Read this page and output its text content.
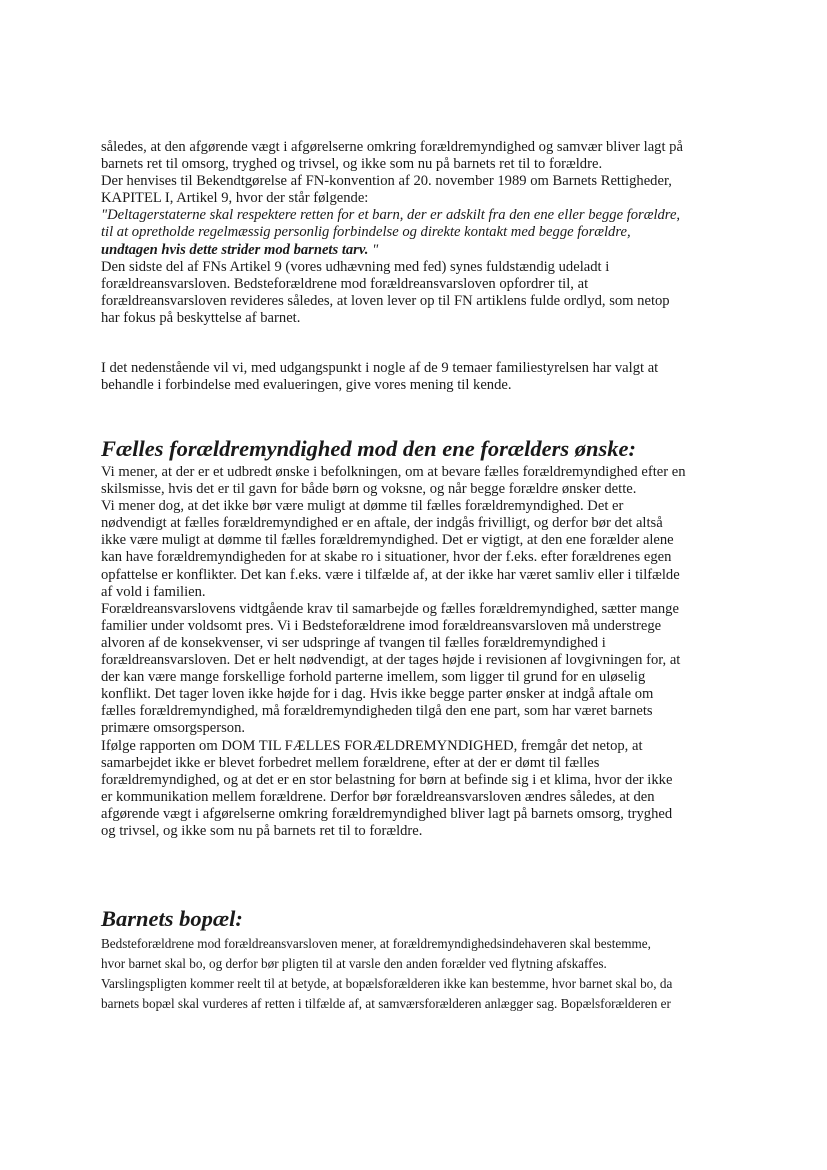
således, at den afgørende vægt i afgørelserne omkring forældremyndighed og samvær bliver lagt på
barnets ret til omsorg, tryghed og trivsel, og ikke som nu på barnets ret til to forældre.
Der henvises til Bekendtgørelse af FN-konvention af 20. november 1989 om Barnets Rettigheder,
KAPITEL I, Artikel 9, hvor der står følgende:
"Deltagerstaterne skal respektere retten for et barn, der er adskilt fra den ene eller begge forældre,
til at opretholde regelmæssig personlig forbindelse og direkte kontakt med begge forældre,
undtagen hvis dette strider mod barnets tarv. "
Den sidste del af FNs Artikel 9 (vores udhævning med fed) synes fuldstændig udeladt i
forældreansvarsloven. Bedsteforældrene mod forældreansvarsloven opfordrer til, at
forældreansvarsloven revideres således, at loven lever op til FN artiklens fulde ordlyd, som netop
har fokus på beskyttelse af barnet.
I det nedenstående vil vi, med udgangspunkt i nogle af de 9 temaer familiestyrelsen har valgt at
behandle i forbindelse med evalueringen, give vores mening til kende.
Fælles forældremyndighed mod den ene forælders ønske:
Vi mener, at der er et udbredt ønske i befolkningen, om at bevare fælles forældremyndighed efter en
skilsmisse, hvis det er til gavn for både børn og voksne, og når begge forældre ønsker dette.
Vi mener dog, at det ikke bør være muligt at dømme til fælles forældremyndighed. Det er
nødvendigt at fælles forældremyndighed er en aftale, der indgås frivilligt, og derfor bør det altså
ikke være muligt at dømme til fælles forældremyndighed. Det er vigtigt, at den ene forælder alene
kan have forældremyndigheden for at skabe ro i situationer, hvor der f.eks. efter forældrenes egen
opfattelse er konflikter. Det kan f.eks. være i tilfælde af, at der ikke har været samliv eller i tilfælde
af vold i familien.
Forældreansvarslovens vidtgående krav til samarbejde og fælles forældremyndighed, sætter mange
familier under voldsomt pres. Vi i Bedsteforældrene imod forældreansvarsloven må understrege
alvoren af de konsekvenser, vi ser udspringe af tvangen til fælles forældremyndighed i
forældreansvarsloven. Det er helt nødvendigt, at der tages højde i revisionen af lovgivningen for, at
der kan være mange forskellige forhold parterne imellem, som ligger til grund for en uløselig
konflikt. Det tager loven ikke højde for i dag. Hvis ikke begge parter ønsker at indgå aftale om
fælles forældremyndighed, må forældremyndigheden tilgå den ene part, som har været barnets
primære omsorgsperson.
Ifølge rapporten om DOM TIL FÆLLES FORÆLDREMYNDIGHED, fremgår det netop, at
samarbejdet ikke er blevet forbedret mellem forældrene, efter at der er dømt til fælles
forældremyndighed, og at det er en stor belastning for børn at befinde sig i et klima, hvor der ikke
er kommunikation mellem forældrene. Derfor bør forældreansvarsloven ændres således, at den
afgørende vægt i afgørelserne omkring forældremyndighed bliver lagt på barnets omsorg, tryghed
og trivsel, og ikke som nu på barnets ret til to forældre.
Barnets bopæl:
Bedsteforældrene mod forældreansvarsloven mener, at forældremyndighedsindehaveren skal bestemme,
hvor barnet skal bo, og derfor bør pligten til at varsle den anden forælder ved flytning afskaffes.
Varslingspligten kommer reelt til at betyde, at bopælsforælderen ikke kan bestemme, hvor barnet skal bo, da
barnets bopæl skal vurderes af retten i tilfælde af, at samværsforælderen anlægger sag. Bopælsforælderen er
